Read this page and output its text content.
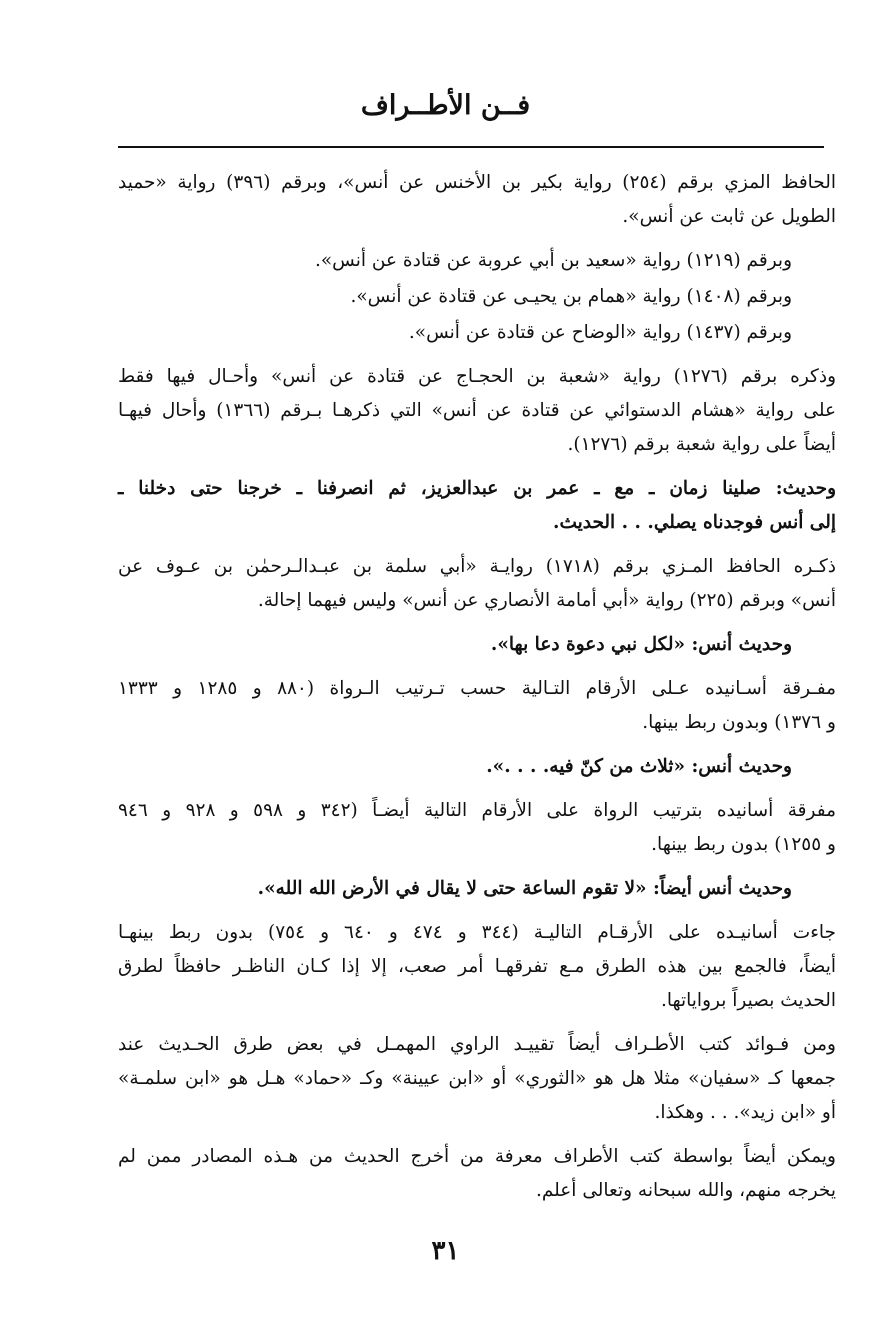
فــن الأطــراف
الحافظ المزي برقم (٢٥٤) رواية بكير بن الأخنس عن أنس»، وبرقم (٣٩٦) رواية «حميد
الطويل عن ثابت عن أنس».
وبرقم (١٢١٩) رواية «سعيد بن أبي عروبة عن قتادة عن أنس».
وبرقم (١٤٠٨) رواية «همام بن يحيـى عن قتادة عن أنس».
وبرقم (١٤٣٧) رواية «الوضاح عن قتادة عن أنس».
وذكره برقم (١٢٧٦) رواية «شعبة بن الحجـاج عن قتادة عن أنس» وأحـال فيها فقط
على رواية «هشام الدستوائي عن قتادة عن أنس» التي ذكرهـا بـرقم (١٣٦٦) وأحال فيهـا
أيضاً على رواية شعبة برقم (١٢٧٦).
وحديث: صلينا زمان ـ مع ـ عمر بن عبدالعزيز، ثم انصرفنا ـ خرجنا حتى دخلنا ـ
إلى أنس فوجدناه يصلي. . . الحديث.
ذكـره الحافظ المـزي برقم (١٧١٨) روايـة «أبي سلمة بن عبـدالـرحمٰن بن عـوف عن
أنس» وبرقم (٢٢٥) رواية «أبي أمامة الأنصاري عن أنس» وليس فيهما إحالة.
وحديث أنس: «لكل نبي دعوة دعا بها».
مفـرقة أسـانيده عـلى الأرقام التـالية حسب تـرتيب الـرواة (٨٨٠ و ١٢٨٥ و ١٣٣٣
و ١٣٧٦) وبدون ربط بينها.
وحديث أنس: «ثلاث من كنّ فيه. . . .».
مفرقة أسانيده بترتيب الرواة على الأرقام التالية أيضـاً (٣٤٢ و ٥٩٨ و ٩٢٨ و ٩٤٦
و ١٢٥٥) بدون ربط بينها.
وحديث أنس أيضاً: «لا تقوم الساعة حتى لا يقال في الأرض الله الله».
جاءت أسانيـده على الأرقـام التاليـة (٣٤٤ و ٤٧٤ و ٦٤٠ و ٧٥٤) بدون ربط بينهـا
أيضاً، فالجمع بين هذه الطرق مـع تفرقهـا أمر صعب، إلا إذا كـان الناظـر حافظاً لطرق
الحديث بصيراً برواياتها.
ومن فـوائد كتب الأطـراف أيضاً تقييـد الراوي المهمـل في بعض طرق الحـديث عند
جمعها كـ «سفيان» مثلا هل هو «الثوري» أو «ابن عيينة» وكـ «حماد» هـل هو «ابن سلمـة»
أو «ابن زيد». . . وهكذا.
ويمكن أيضاً بواسطة كتب الأطراف معرفة من أخرج الحديث من هـذه المصادر ممن لم
يخرجه منهم، والله سبحانه وتعالى أعلم.
٣١
